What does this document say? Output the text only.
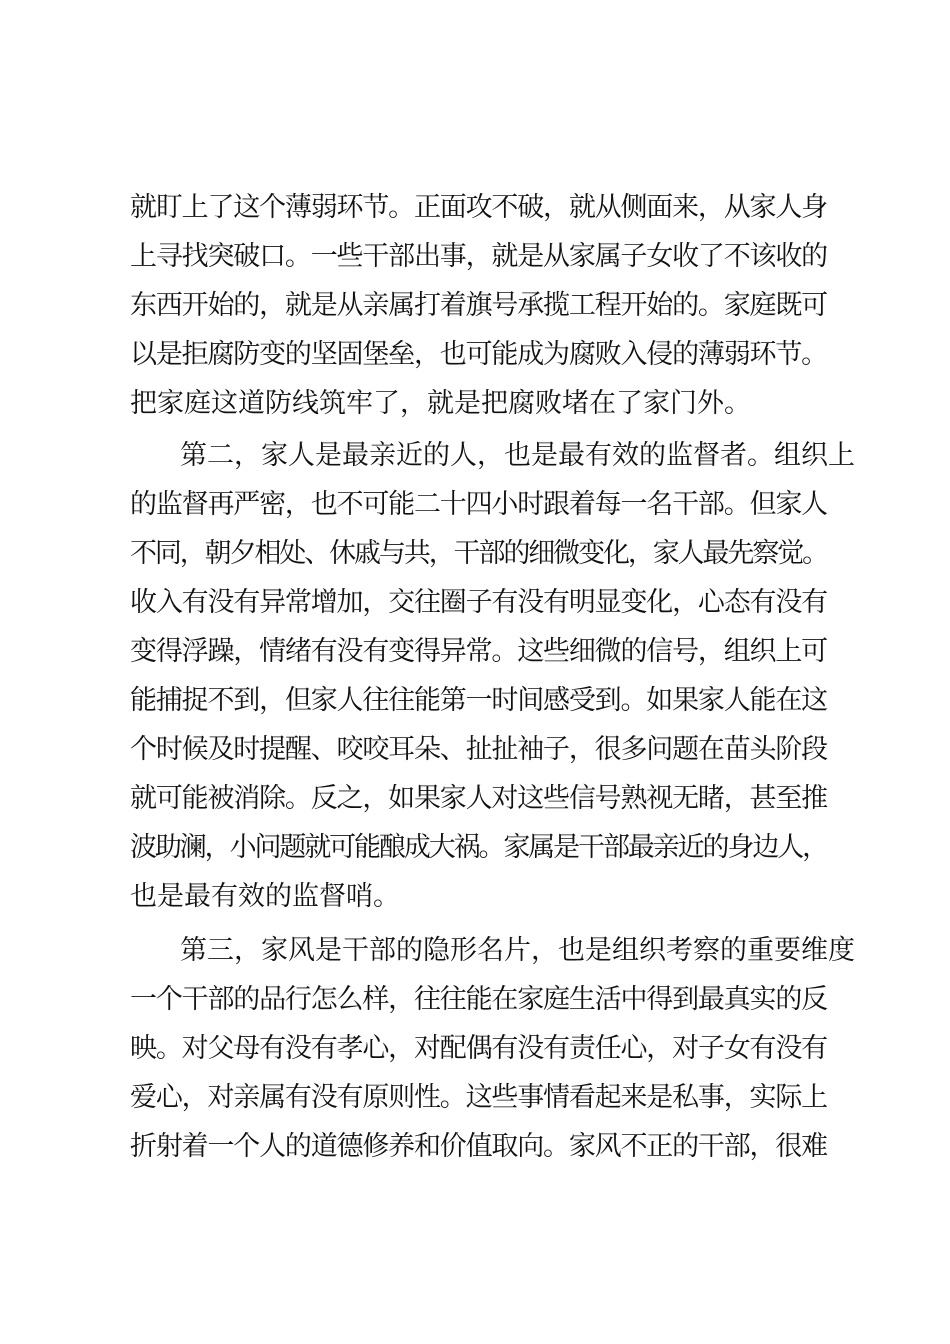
就盯上了这个薄弱环节。正面攻不破，就从侧面来，从家人身
上寻找突破口。一些干部出事，就是从家属子女收了不该收的
东西开始的，就是从亲属打着旗号承揽工程开始的。家庭既可
以是拒腐防变的坚固堡垒，也可能成为腐败入侵的薄弱环节。
把家庭这道防线筑牢了，就是把腐败堵在了家门外。
第二，家人是最亲近的人，也是最有效的监督者。组织上
的监督再严密，也不可能二十四小时跟着每一名干部。但家人
不同，朝夕相处、休戚与共，干部的细微变化，家人最先察觉。
收入有没有异常增加，交往圈子有没有明显变化，心态有没有
变得浮躁，情绪有没有变得异常。这些细微的信号，组织上可
能捕捉不到，但家人往往能第一时间感受到。如果家人能在这
个时候及时提醒、咬咬耳朵、扯扯袖子，很多问题在苗头阶段
就可能被消除。反之，如果家人对这些信号熟视无睹，甚至推
波助澜，小问题就可能酿成大祸。家属是干部最亲近的身边人，
也是最有效的监督哨。
第三，家风是干部的隐形名片，也是组织考察的重要维度
一个干部的品行怎么样，往往能在家庭生活中得到最真实的反
映。对父母有没有孝心，对配偶有没有责任心，对子女有没有
爱心，对亲属有没有原则性。这些事情看起来是私事，实际上
折射着一个人的道德修养和价值取向。家风不正的干部，很难
